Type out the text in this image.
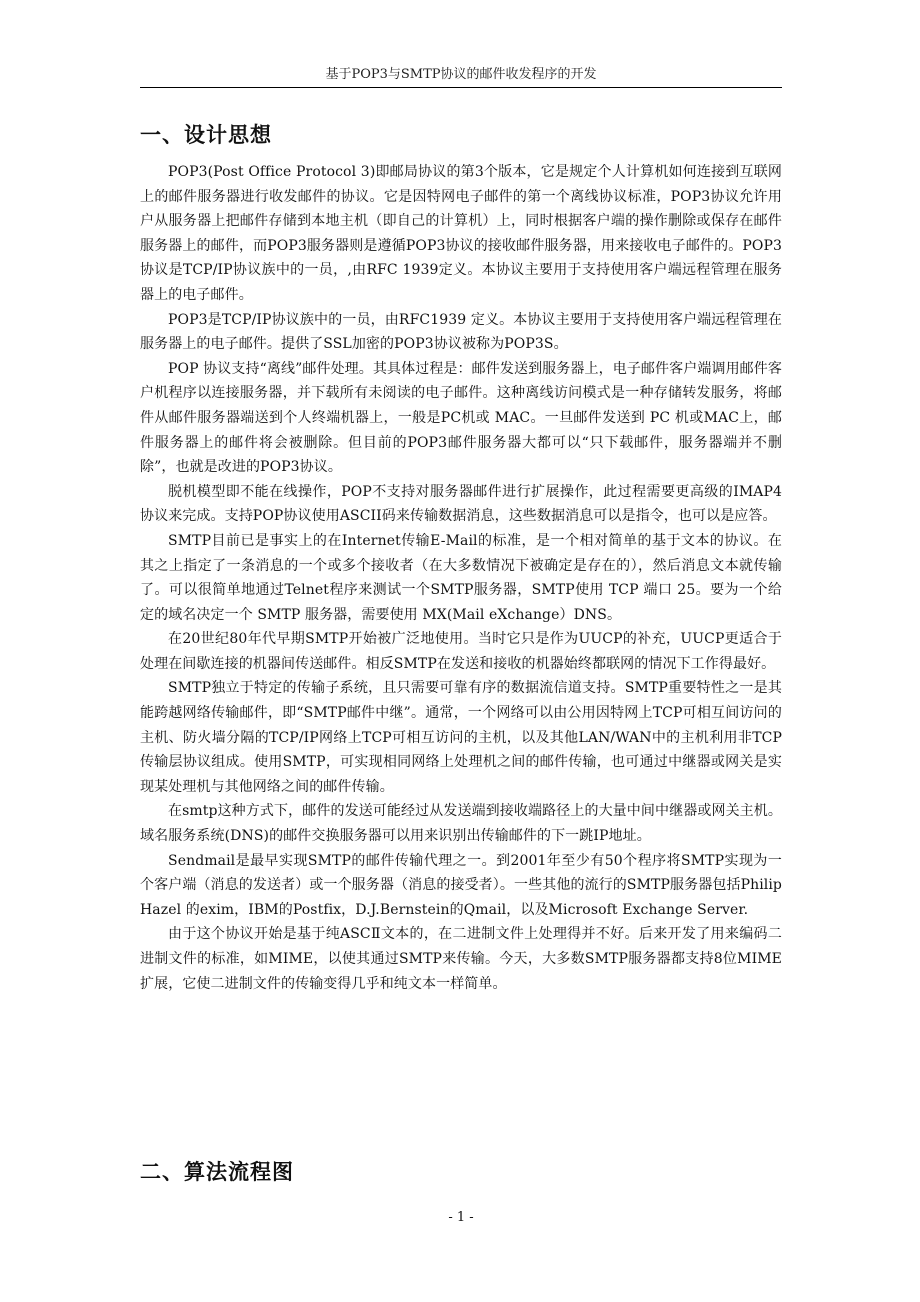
基于POP3与SMTP协议的邮件收发程序的开发
一、设计思想

POP3(Post Office Protocol 3)即邮局协议的第3个版本，它是规定个人计算机如何连接到互联网上的邮件服务器进行收发邮件的协议。它是因特网电子邮件的第一个离线协议标准，POP3协议允许用户从服务器上把邮件存储到本地主机（即自己的计算机）上，同时根据客户端的操作删除或保存在邮件服务器上的邮件，而POP3服务器则是遵循POP3协议的接收邮件服务器，用来接收电子邮件的。POP3协议是TCP/IP协议族中的一员，,由RFC 1939定义。本协议主要用于支持使用客户端远程管理在服务器上的电子邮件。

POP3是TCP/IP协议族中的一员，由RFC1939 定义。本协议主要用于支持使用客户端远程管理在服务器上的电子邮件。提供了SSL加密的POP3协议被称为POP3S。

POP 协议支持“离线”邮件处理。其具体过程是：邮件发送到服务器上，电子邮件客户端调用邮件客户机程序以连接服务器，并下载所有未阅读的电子邮件。这种离线访问模式是一种存储转发服务，将邮件从邮件服务器端送到个人终端机器上，一般是PC机或 MAC。一旦邮件发送到 PC 机或MAC上，邮件服务器上的邮件将会被删除。但目前的POP3邮件服务器大都可以“只下载邮件，服务器端并不删除”，也就是改进的POP3协议。

脱机模型即不能在线操作，POP不支持对服务器邮件进行扩展操作，此过程需要更高级的IMAP4协议来完成。支持POP协议使用ASCII码来传输数据消息，这些数据消息可以是指令，也可以是应答。

SMTP目前已是事实上的在Internet传输E-Mail的标准，是一个相对简单的基于文本的协议。在其之上指定了一条消息的一个或多个接收者（在大多数情况下被确定是存在的），然后消息文本就传输了。可以很简单地通过Telnet程序来测试一个SMTP服务器，SMTP使用 TCP 端口 25。要为一个给定的域名决定一个 SMTP 服务器，需要使用 MX(Mail eXchange）DNS。

在20世纪80年代早期SMTP开始被广泛地使用。当时它只是作为UUCP的补充，UUCP更适合于处理在间歇连接的机器间传送邮件。相反SMTP在发送和接收的机器始终都联网的情况下工作得最好。

SMTP独立于特定的传输子系统，且只需要可靠有序的数据流信道支持。SMTP重要特性之一是其能跨越网络传输邮件，即“SMTP邮件中继”。通常，一个网络可以由公用因特网上TCP可相互间访问的主机、防火墙分隔的TCP/IP网络上TCP可相互访问的主机，以及其他LAN/WAN中的主机利用非TCP传输层协议组成。使用SMTP，可实现相同网络上处理机之间的邮件传输，也可通过中继器或网关是实现某处理机与其他网络之间的邮件传输。

在smtp这种方式下，邮件的发送可能经过从发送端到接收端路径上的大量中间中继器或网关主机。域名服务系统(DNS)的邮件交换服务器可以用来识别出传输邮件的下一跳IP地址。

Sendmail是最早实现SMTP的邮件传输代理之一。到2001年至少有50个程序将SMTP实现为一个客户端（消息的发送者）或一个服务器（消息的接受者）。一些其他的流行的SMTP服务器包括Philip Hazel 的exim，IBM的Postfix，D.J.Bernstein的Qmail，以及Microsoft Exchange Server.

由于这个协议开始是基于纯ASCⅡ文本的，在二进制文件上处理得并不好。后来开发了用来编码二进制文件的标准，如MIME，以使其通过SMTP来传输。今天，大多数SMTP服务器都支持8位MIME扩展，它使二进制文件的传输变得几乎和纯文本一样简单。

二、算法流程图
- 1 -
